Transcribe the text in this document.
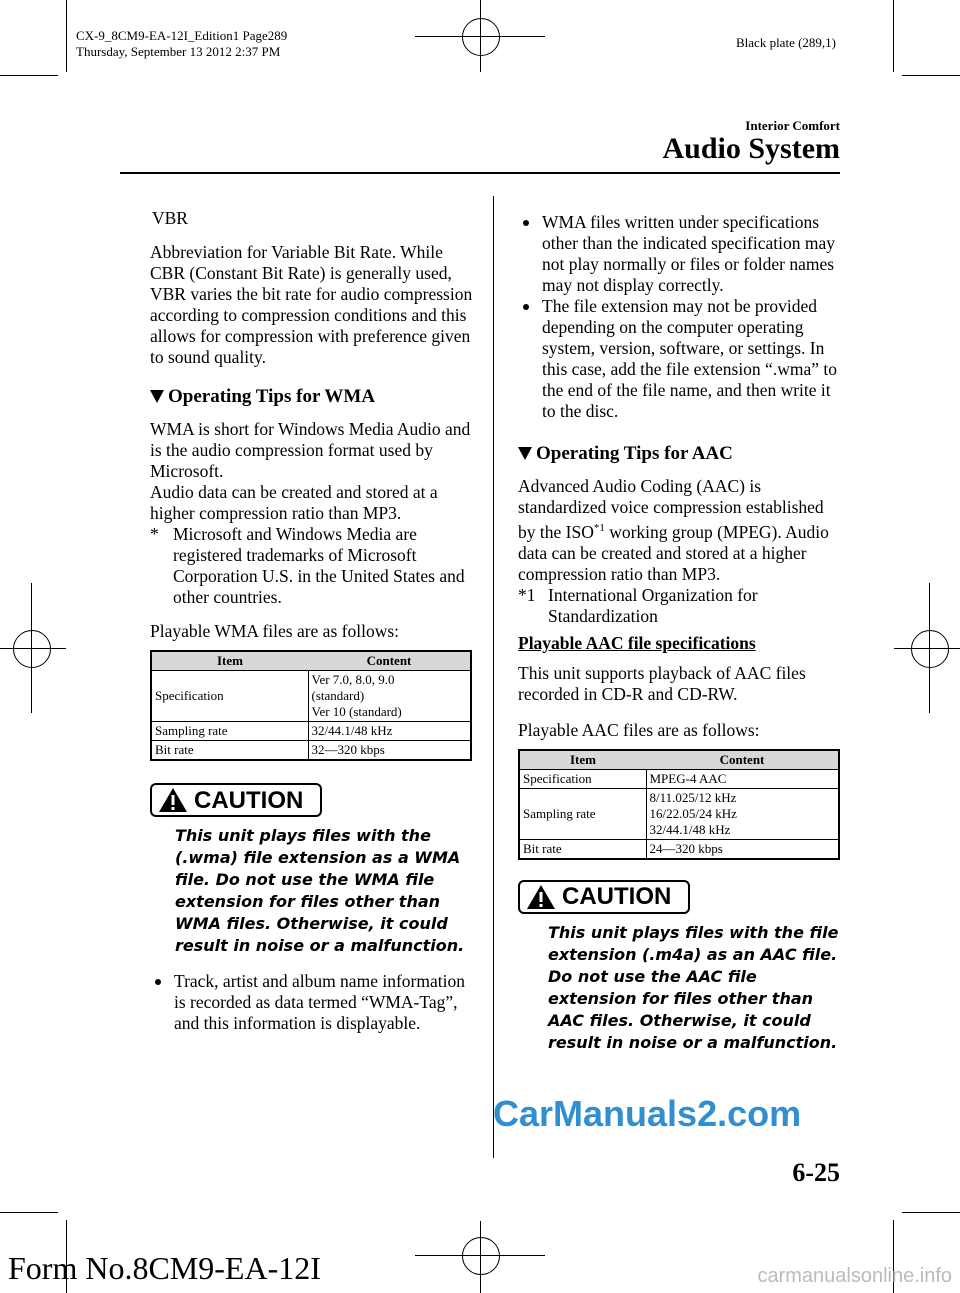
CX-9_8CM9-EA-12I_Edition1 Page289
Thursday, September 13 2012 2:37 PM
Black plate (289,1)
Interior Comfort
Audio System

VBR

Abbreviation for Variable Bit Rate. While CBR (Constant Bit Rate) is generally used, VBR varies the bit rate for audio compression according to compression conditions and this allows for compression with preference given to sound quality.

Operating Tips for WMA

WMA is short for Windows Media Audio and is the audio compression format used by Microsoft.

Audio data can be created and stored at a higher compression ratio than MP3.

* Microsoft and Windows Media are registered trademarks of Microsoft Corporation U.S. in the United States and other countries.

Playable WMA files are as follows:

Item	Content
Specification	Ver 7.0, 8.0, 9.0
(standard)
Ver 10 (standard)

Sampling rate	32/44.1/48 kHz
Bit rate	32—320 kbps
CAUTION

This unit plays files with the (.wma) file extension as a WMA file. Do not use the WMA file extension for files other than WMA files. Otherwise, it could result in noise or a malfunction.

Track, artist and album name information is recorded as data termed “WMA-Tag”, and this information is displayable.
WMA files written under specifications other than the indicated specification may not play normally or files or folder names may not display correctly.
The file extension may not be provided depending on the computer operating system, version, software, or settings. In this case, add the file extension “.wma” to the end of the file name, and then write it to the disc.
Operating Tips for AAC

Advanced Audio Coding (AAC) is standardized voice compression established by the ISO$^{*1}$ working group (MPEG). Audio data can be created and stored at a higher compression ratio than MP3.

*1 International Organization for Standardization

Playable AAC file specifications

This unit supports playback of AAC files recorded in CD-R and CD-RW.

Playable AAC files are as follows:

Item	Content
Specification	MPEG-4 AAC
Sampling rate	8/11.025/12 kHz
16/22.05/24 kHz
32/44.1/48 kHz

Bit rate	24—320 kbps
CAUTION

This unit plays files with the file extension (.m4a) as an AAC file. Do not use the AAC file extension for files other than AAC files. Otherwise, it could result in noise or a malfunction.

CarManuals2.com
6-25
Form No.8CM9-EA-12I	carmanualsonline.info
